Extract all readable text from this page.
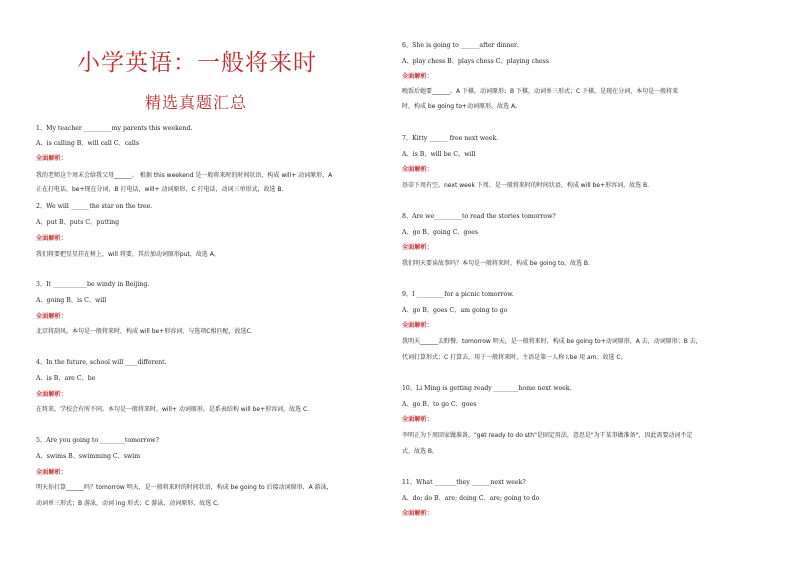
小学英语：一般将来时
精选真题汇总
1、My teacher _________my parents this weekend.
A、is calling B、will call C、calls
全面解析：
我的老师这个周末会给我父母______。 根据 this weekend 是一般将来时的时间状语，构成 will+ 动词原形，A
正在打电话，be+现在分词，B 打电话，will+ 动词原形，C 打电话，动词三单形式，故选 B.
2、We will ______the star on the tree.
A、put B、puts C、putting
全面解析：
我们将要把星星挂在树上，will 将要，其后加动词原形put，故选 A。
3、It ___________be windy in Beijing.
A、going B、is C、will
全面解析：
北京将刮风。本句是一般将来时，构成 will be+形容词，与选项C相匹配，故选C.
4、In the future, school will ____different.
A、is B、are C、be
全面解析：
在将来，学校会有所不同。本句是一般将来时，will+ 动词原形，是系表结构 will be+形容词，故选 C.
5、Are you going to ________tomorrow?
A、swims B、swimming C、swim
全面解析：
明天你打算______吗？tomorrow 明天，是一般将来时的时间状语，构成 be going to 后接动词原形，A 游泳，
动词单三形式；B 游泳，动词 ing 形式；C 游泳，动词原形，故选 C。
6、She is going to ______after dinner.
A、play chess B、plays chess C、playing chess
全面解析：
晚饭后她要______。A 下棋，动词原形；B 下棋，动词单三形式；C 下棋，是现在分词，本句是一般将来
时，构成 be going to+动词原形。故选 A。
7、Kitty ______ free next week.
A、is B、will be C、will
全面解析：
基蒂下周有空。next week 下周，是一般将来时的时间状语，构成 will be+形容词，故选 B.
8、Are we_________to read the stories tomorrow?
A、go B、going C、goes
全面解析：
我们明天要读故事吗？本句是一般将来时，构成 be going to，故选 B.
9、I _________for a picnic tomorrow.
A、go B、goes C、am going to go
全面解析：
我明天______去野餐。tomorrow 明天，是一般将来时，构成 be going to+动词原形，A 去，动词原形；B 去，
代词打算形式；C 打算去，用于一般将来时，主语是第一人称 I,be 用 am。故选 C。
10、Li Ming is getting ready ________home next week.
A、go B、to go C、goes
全面解析：
李明正为下周回家做准备。"get ready to do sth"是固定用法，意思是"为干某事做准备"，因此需要动词不定
式，故选 B。
11、What _______they ______next week?
A、do; do B、are; doing C、are; going to do
全面解析：
